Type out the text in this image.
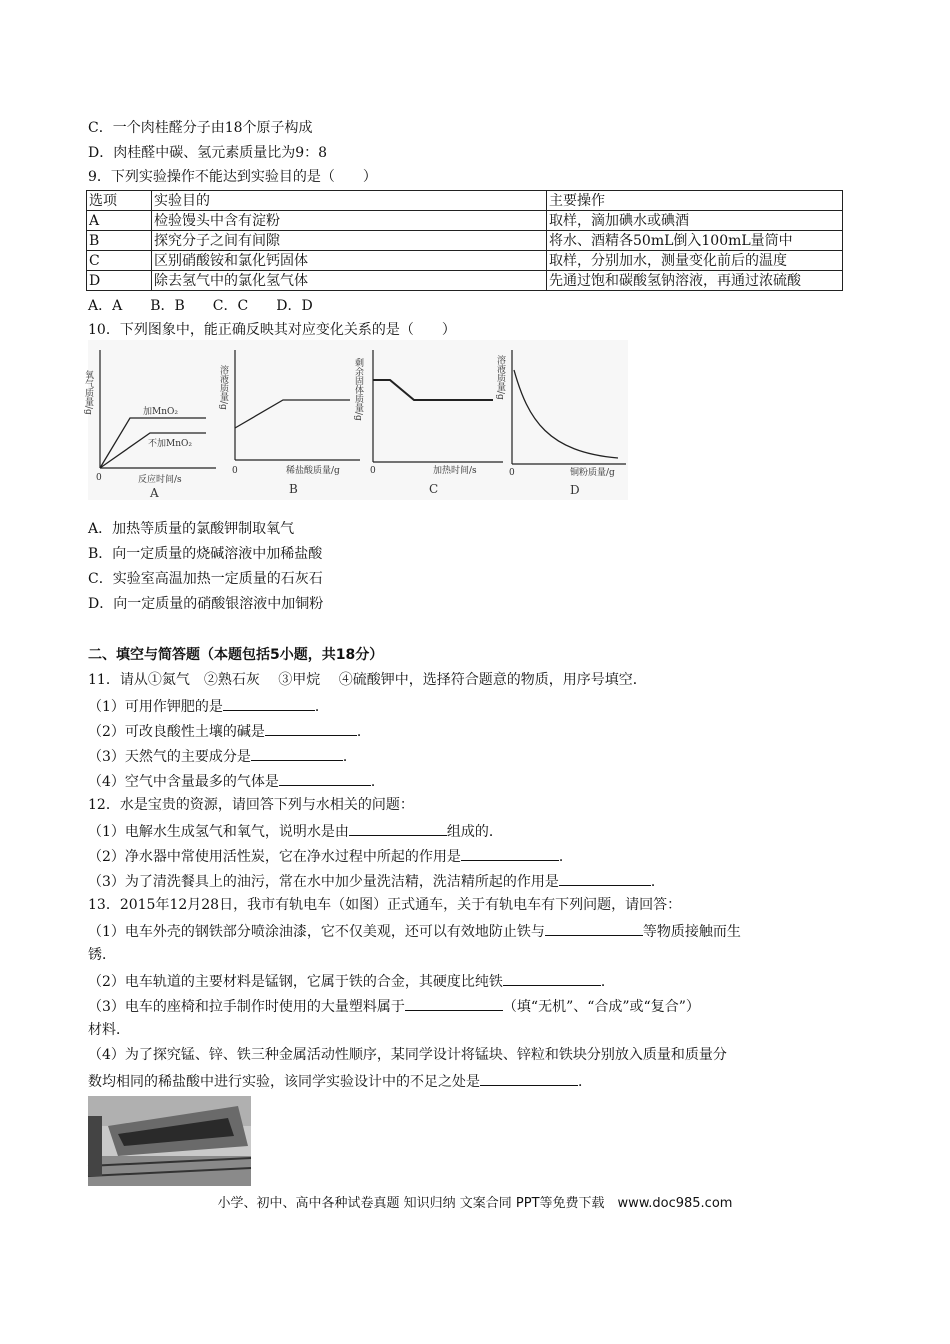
C．一个肉桂醛分子由18个原子构成
D．肉桂醛中碳、氢元素质量比为9：8
9．下列实验操作不能达到实验目的是（　　）
选项	实验目的	主要操作
A	检验馒头中含有淀粉	取样，滴加碘水或碘酒
B	探究分子之间有间隙	将水、酒精各50mL倒入100mL量筒中
C	区别硝酸铵和氯化钙固体	取样，分别加水，测量变化前后的温度
D	除去氢气中的氯化氢气体	先通过饱和碳酸氢钠溶液，再通过浓硫酸
A．A　　B．B　　C．C　　D．D
10．下列图象中，能正确反映其对应变化关系的是（　　）
氧气质量/g	加MnO₂
不加MnO₂
0	反应时间/s
A
溶液质量/g
0	稀盐酸质量/g
B
剩余固体质量/g
0	加热时间/s
C
溶液质量/g
0	铜粉质量/g
D
A．加热等质量的氯酸钾制取氧气
B．向一定质量的烧碱溶液中加稀盐酸
C．实验室高温加热一定质量的石灰石
D．向一定质量的硝酸银溶液中加铜粉
二、填空与简答题（本题包括5小题，共18分）
11．请从①氮气　②熟石灰　 ③甲烷　 ④硫酸钾中，选择符合题意的物质，用序号填空．
（1）可用作钾肥的是	．
（2）可改良酸性土壤的碱是	．
（3）天然气的主要成分是	．
（4）空气中含量最多的气体是	．
12．水是宝贵的资源，请回答下列与水相关的问题：
（1）电解水生成氢气和氧气，说明水是由	组成的．
（2）净水器中常使用活性炭，它在净水过程中所起的作用是	．
（3）为了清洗餐具上的油污，常在水中加少量洗洁精，洗洁精所起的作用是	．
13．2015年12月28日，我市有轨电车（如图）正式通车，关于有轨电车有下列问题，请回答：
（1）电车外壳的钢铁部分喷涂油漆，它不仅美观，还可以有效地防止铁与	等物质接触而生
锈．
（2）电车轨道的主要材料是锰钢，它属于铁的合金，其硬度比纯铁	．
（3）电车的座椅和拉手制作时使用的大量塑料属于	（填“无机”、“合成”或“复合”）
材料．
（4）为了探究锰、锌、铁三种金属活动性顺序，某同学设计将锰块、锌粒和铁块分别放入质量和质量分
数均相同的稀盐酸中进行实验，该同学实验设计中的不足之处是	．
小学、初中、高中各种试卷真题 知识归纳 文案合同 PPT等免费下载　www.doc985.com
